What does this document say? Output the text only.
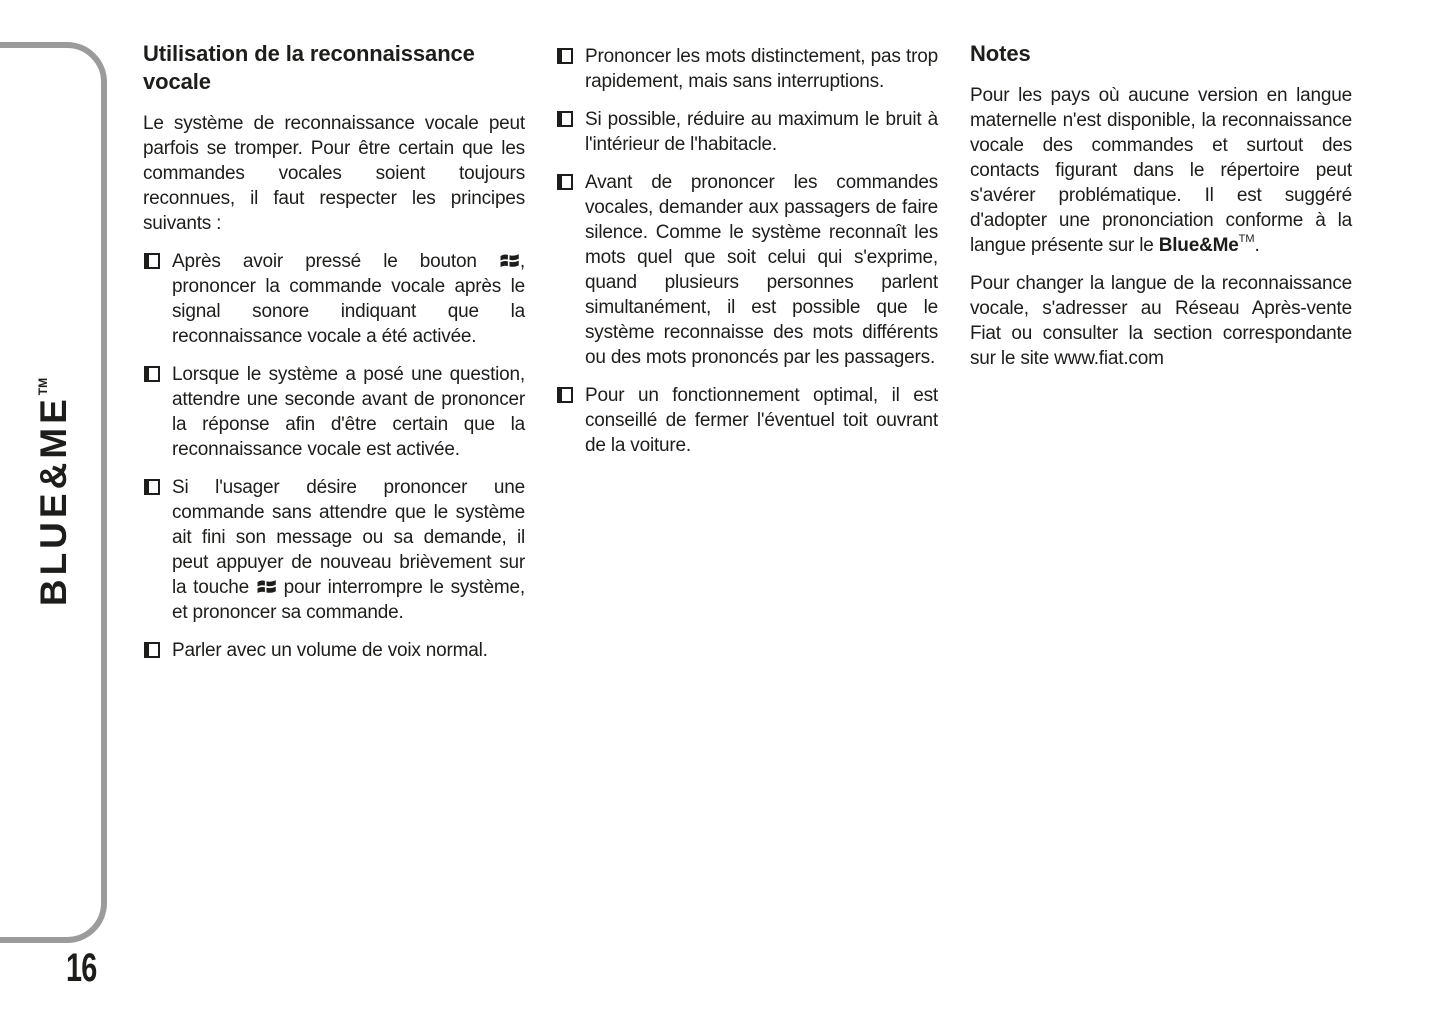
BLUE&ME™
16
Utilisation de la reconnaissance vocale

Le système de reconnaissance vocale peut parfois se tromper. Pour être certain que les commandes vocales soient toujours reconnues, il faut respecter les principes suivants :

Après avoir pressé le bouton , prononcer la commande vocale après le signal sonore indiquant que la reconnaissance vocale a été activée.
Lorsque le système a posé une question, attendre une seconde avant de prononcer la réponse afin d'être certain que la reconnaissance vocale est activée.
Si l'usager désire prononcer une commande sans attendre que le système ait fini son message ou sa demande, il peut appuyer de nouveau brièvement sur la touche  pour interrompre le système, et prononcer sa commande.
Parler avec un volume de voix normal.
Prononcer les mots distinctement, pas trop rapidement, mais sans interruptions.
Si possible, réduire au maximum le bruit à l'intérieur de l'habitacle.
Avant de prononcer les commandes vocales, demander aux passagers de faire silence. Comme le système reconnaît les mots quel que soit celui qui s'exprime, quand plusieurs personnes parlent simultanément, il est possible que le système reconnaisse des mots différents ou des mots prononcés par les passagers.
Pour un fonctionnement optimal, il est conseillé de fermer l'éventuel toit ouvrant de la voiture.
Notes

Pour les pays où aucune version en langue maternelle n'est disponible, la reconnaissance vocale des commandes et surtout des contacts figurant dans le répertoire peut s'avérer problématique. Il est suggéré d'adopter une prononciation conforme à la langue présente sur le Blue&Me™.

Pour changer la langue de la reconnaissance vocale, s'adresser au Réseau Après-vente Fiat ou consulter la section correspondante sur le site www.fiat.com
